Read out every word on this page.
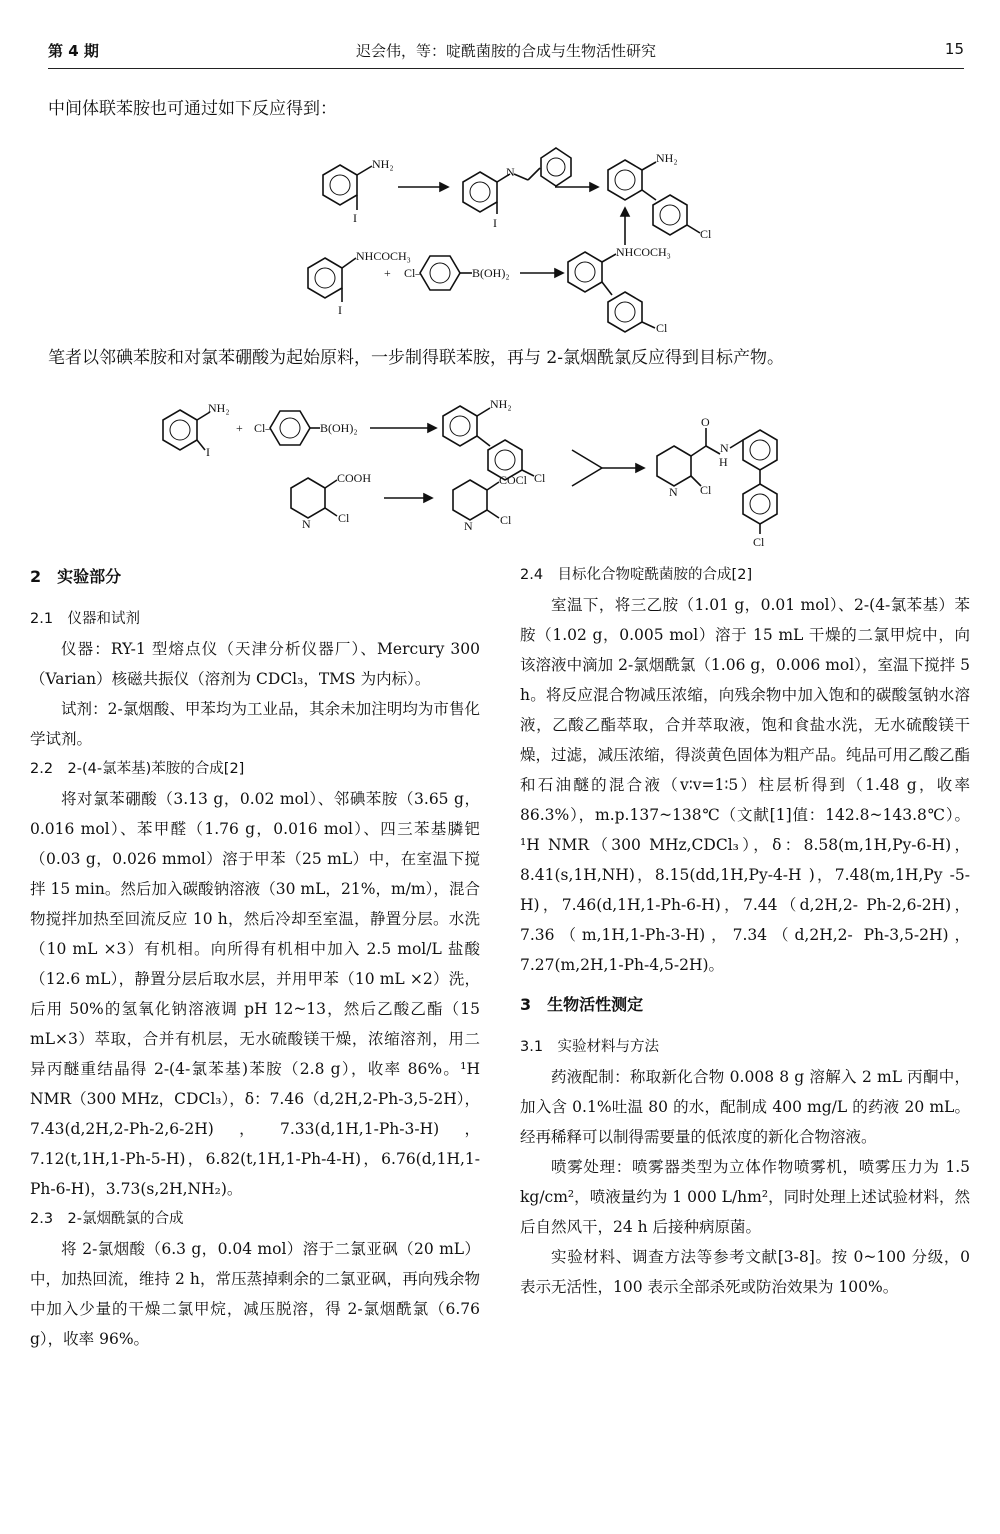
第 4 期	迟会伟，等：啶酰菌胺的合成与生物活性研究	15
中间体联苯胺也可通过如下反应得到：
NH₂
I
N
I
NH₂
Cl
NHCOCH₃
I
+ Cl–	B(OH)₂
NHCOCH₃
Cl
笔者以邻碘苯胺和对氯苯硼酸为起始原料，一步制得联苯胺，再与 2-氯烟酰氯反应得到目标产物。
NH₂
I
+ Cl–	B(OH)₂
NH₂
Cl
COOH
N Cl
COCl
N Cl
O
N
H
N Cl
Cl
2　实验部分
2.1　仪器和试剂

仪器：RY-1 型熔点仪（天津分析仪器厂）、Mercury 300（Varian）核磁共振仪（溶剂为 CDCl₃，TMS 为内标）。

试剂：2-氯烟酸、甲苯均为工业品，其余未加注明均为市售化学试剂。

2.2　2-(4-氯苯基)苯胺的合成[2]

将对氯苯硼酸（3.13 g，0.02 mol）、邻碘苯胺（3.65 g，0.016 mol）、苯甲醛（1.76 g，0.016 mol）、四三苯基膦钯（0.03 g，0.026 mmol）溶于甲苯（25 mL）中，在室温下搅拌 15 min。然后加入碳酸钠溶液（30 mL，21%，m/m），混合物搅拌加热至回流反应 10 h，然后冷却至室温，静置分层。水洗（10 mL ×3）有机相。向所得有机相中加入 2.5 mol/L 盐酸（12.6 mL），静置分层后取水层，并用甲苯（10 mL ×2）洗，后用 50%的氢氧化钠溶液调 pH 12~13，然后乙酸乙酯（15 mL×3）萃取，合并有机层，无水硫酸镁干燥，浓缩溶剂，用二异丙醚重结晶得 2-(4-氯苯基)苯胺（2.8 g），收率 86%。¹H NMR（300 MHz，CDCl₃），δ：7.46（d,2H,2-Ph-3,5-2H），7.43(d,2H,2-Ph-2,6-2H)，7.33(d,1H,1-Ph-3-H)，7.12(t,1H,1-Ph-5-H)，6.82(t,1H,1-Ph-4-H)，6.76(d,1H,1-Ph-6-H)，3.73(s,2H,NH₂)。

2.3　2-氯烟酰氯的合成

将 2-氯烟酸（6.3 g，0.04 mol）溶于二氯亚砜（20 mL）中，加热回流，维持 2 h，常压蒸掉剩余的二氯亚砜，再向残余物中加入少量的干燥二氯甲烷，减压脱溶，得 2-氯烟酰氯（6.76 g），收率 96%。

2.4　目标化合物啶酰菌胺的合成[2]

室温下，将三乙胺（1.01 g，0.01 mol）、2-(4-氯苯基）苯胺（1.02 g，0.005 mol）溶于 15 mL 干燥的二氯甲烷中，向该溶液中滴加 2-氯烟酰氯（1.06 g，0.006 mol），室温下搅拌 5 h。将反应混合物减压浓缩，向残余物中加入饱和的碳酸氢钠水溶液，乙酸乙酯萃取，合并萃取液，饱和食盐水洗，无水硫酸镁干燥，过滤，减压浓缩，得淡黄色固体为粗产品。纯品可用乙酸乙酯和石油醚的混合液（v∶v=1∶5）柱层析得到（1.48 g，收率 86.3%），m.p.137~138℃（文献[1]值：142.8~143.8℃）。¹H NMR（300 MHz,CDCl₃），δ：8.58(m,1H,Py-6-H)，8.41(s,1H,NH)，8.15(dd,1H,Py-4-H )，7.48(m,1H,Py -5-H)，7.46(d,1H,1-Ph-6-H)，7.44（d,2H,2- Ph-2,6-2H)，7.36（m,1H,1-Ph-3-H)，7.34（d,2H,2- Ph-3,5-2H)，7.27(m,2H,1-Ph-4,5-2H)。

3　生物活性测定
3.1　实验材料与方法

药液配制：称取新化合物 0.008 8 g 溶解入 2 mL 丙酮中，加入含 0.1%吐温 80 的水，配制成 400 mg/L 的药液 20 mL。经再稀释可以制得需要量的低浓度的新化合物溶液。

喷雾处理：喷雾器类型为立体作物喷雾机，喷雾压力为 1.5 kg/cm²，喷液量约为 1 000 L/hm²，同时处理上述试验材料，然后自然风干，24 h 后接种病原菌。

实验材料、调查方法等参考文献[3-8]。按 0~100 分级，0 表示无活性，100 表示全部杀死或防治效果为 100%。
